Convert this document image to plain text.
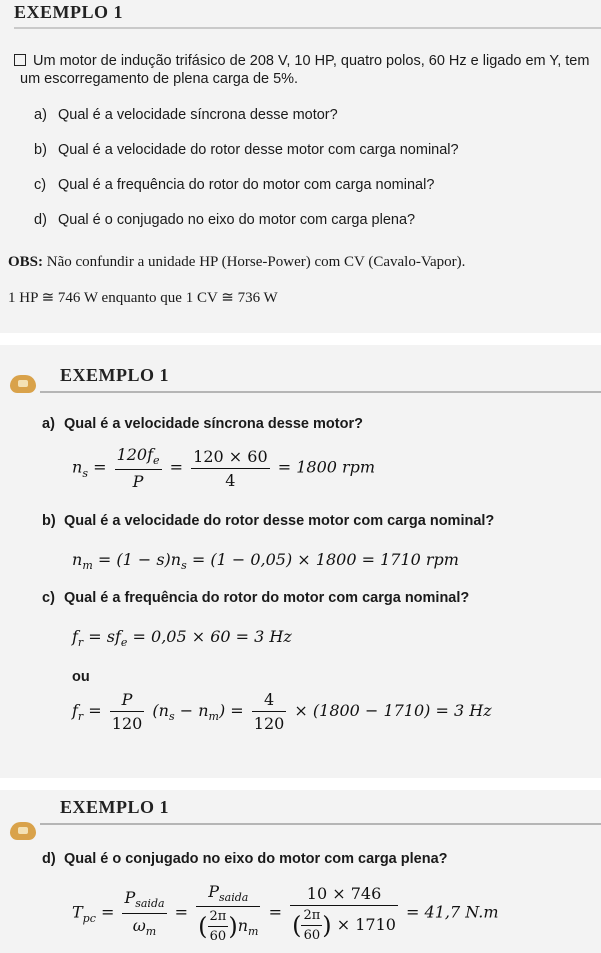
EXEMPLO 1
Um motor de indução trifásico de 208 V, 10 HP, quatro polos, 60 Hz e ligado em Y, tem
um escorregamento de plena carga de 5%.
a) Qual é a velocidade síncrona desse motor?
b) Qual é a velocidade do rotor desse motor com carga nominal?
c) Qual é a frequência do rotor do motor com carga nominal?
d) Qual é o conjugado no eixo do motor com carga plena?
OBS: Não confundir a unidade HP (Horse-Power) com CV (Cavalo-Vapor).
1 HP ≅ 746 W enquanto que 1 CV ≅ 736 W
EXEMPLO 1
a) Qual é a velocidade síncrona desse motor?
$n_s = \frac{120f_e}{P} = \frac{120 \times 60}{4} = 1800$ rpm
b) Qual é a velocidade do rotor desse motor com carga nominal?
$n_m = (1 - s)n_s = (1 - 0,05) \times 1800 = 1710$ rpm
c) Qual é a frequência do rotor do motor com carga nominal?
$f_r = sf_e = 0,05 \times 60 = 3$ Hz
ou
$f_r = \frac{P}{120} (n_s - n_m) = \frac{4}{120} \times (1800 - 1710) = 3$ Hz
EXEMPLO 1
d) Qual é o conjugado no eixo do motor com carga plena?
$T_{pc} = \frac{P_{saida}}{\omega_m} = \frac{P_{saida}}{( \frac{2\pi}{60} )n_m} = \frac{10 \times 746}{( \frac{2\pi}{60} ) \times 1710} = 41,7$ N.m
